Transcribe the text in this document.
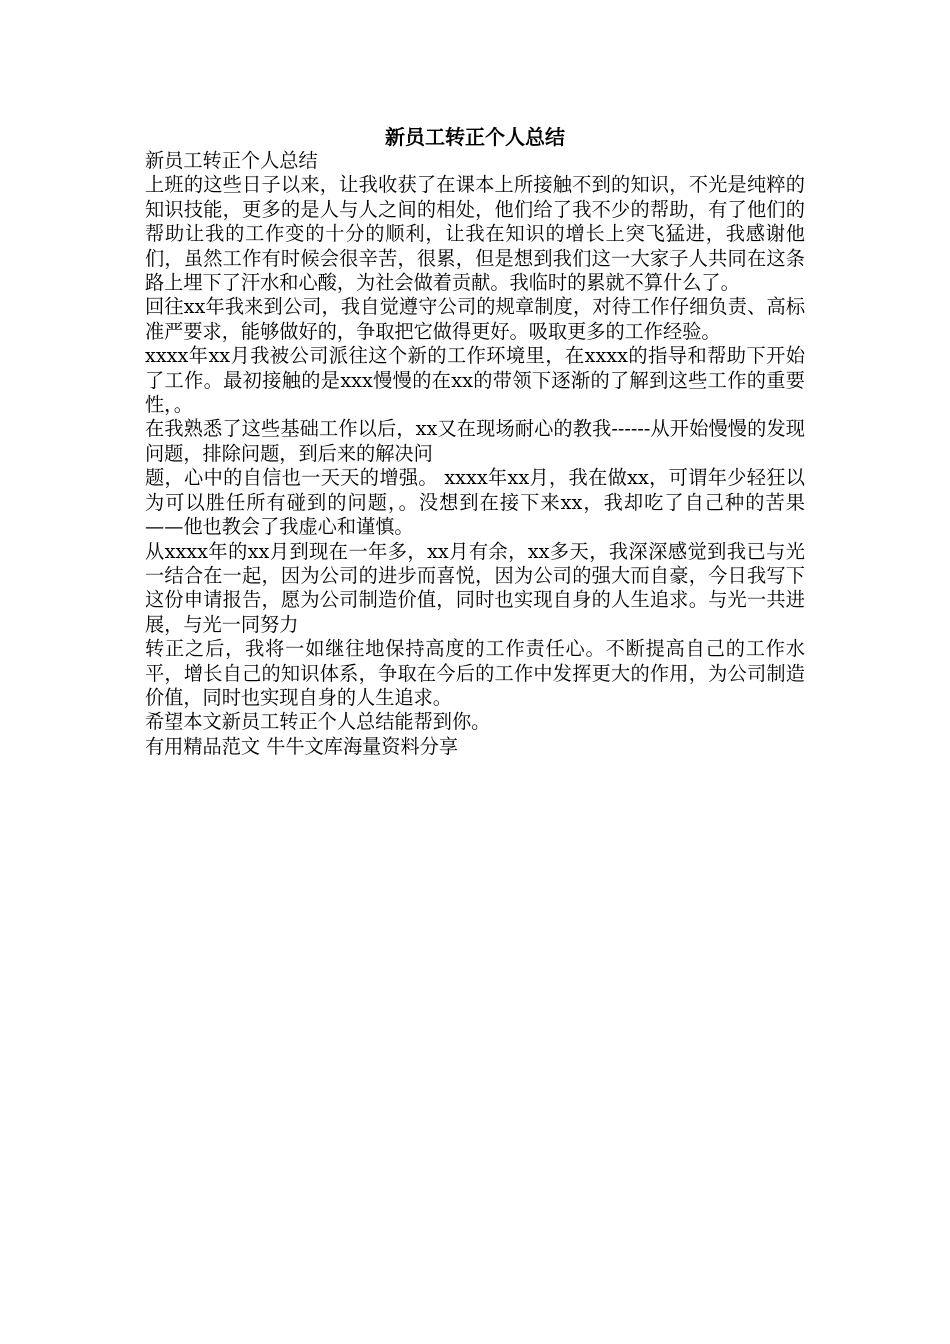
新员工转正个人总结

新员工转正个人总结

上班的这些日子以来，让我收获了在课本上所接触不到的知识，不光是纯粹的知识技能，更多的是人与人之间的相处，他们给了我不少的帮助，有了他们的帮助让我的工作变的十分的顺利，让我在知识的增长上突飞猛进，我感谢他们，虽然工作有时候会很辛苦，很累，但是想到我们这一大家子人共同在这条路上埋下了汗水和心酸，为社会做着贡献。我临时的累就不算什么了。

回往xx年我来到公司，我自觉遵守公司的规章制度，对待工作仔细负责、高标准严要求，能够做好的，争取把它做得更好。吸取更多的工作经验。

xxxx年xx月我被公司派往这个新的工作环境里，在xxxx的指导和帮助下开始了工作。最初接触的是xxx慢慢的在xx的带领下逐渐的了解到这些工作的重要性，。

在我熟悉了这些基础工作以后，xx又在现场耐心的教我------从开始慢慢的发现问题，排除问题，到后来的解决问

题，心中的自信也一天天的增强。 xxxx年xx月，我在做xx，可谓年少轻狂以为可以胜任所有碰到的问题，。没想到在接下来xx，我却吃了自己种的苦果——他也教会了我虚心和谨慎。

从xxxx年的xx月到现在一年多，xx月有余，xx多天，我深深感觉到我已与光一结合在一起，因为公司的进步而喜悦，因为公司的强大而自豪，今日我写下这份申请报告，愿为公司制造价值，同时也实现自身的人生追求。与光一共进展，与光一同努力

转正之后，我将一如继往地保持高度的工作责任心。不断提高自己的工作水平，增长自己的知识体系，争取在今后的工作中发挥更大的作用，为公司制造价值，同时也实现自身的人生追求。

希望本文新员工转正个人总结能帮到你。

有用精品范文 牛牛文库海量资料分享
